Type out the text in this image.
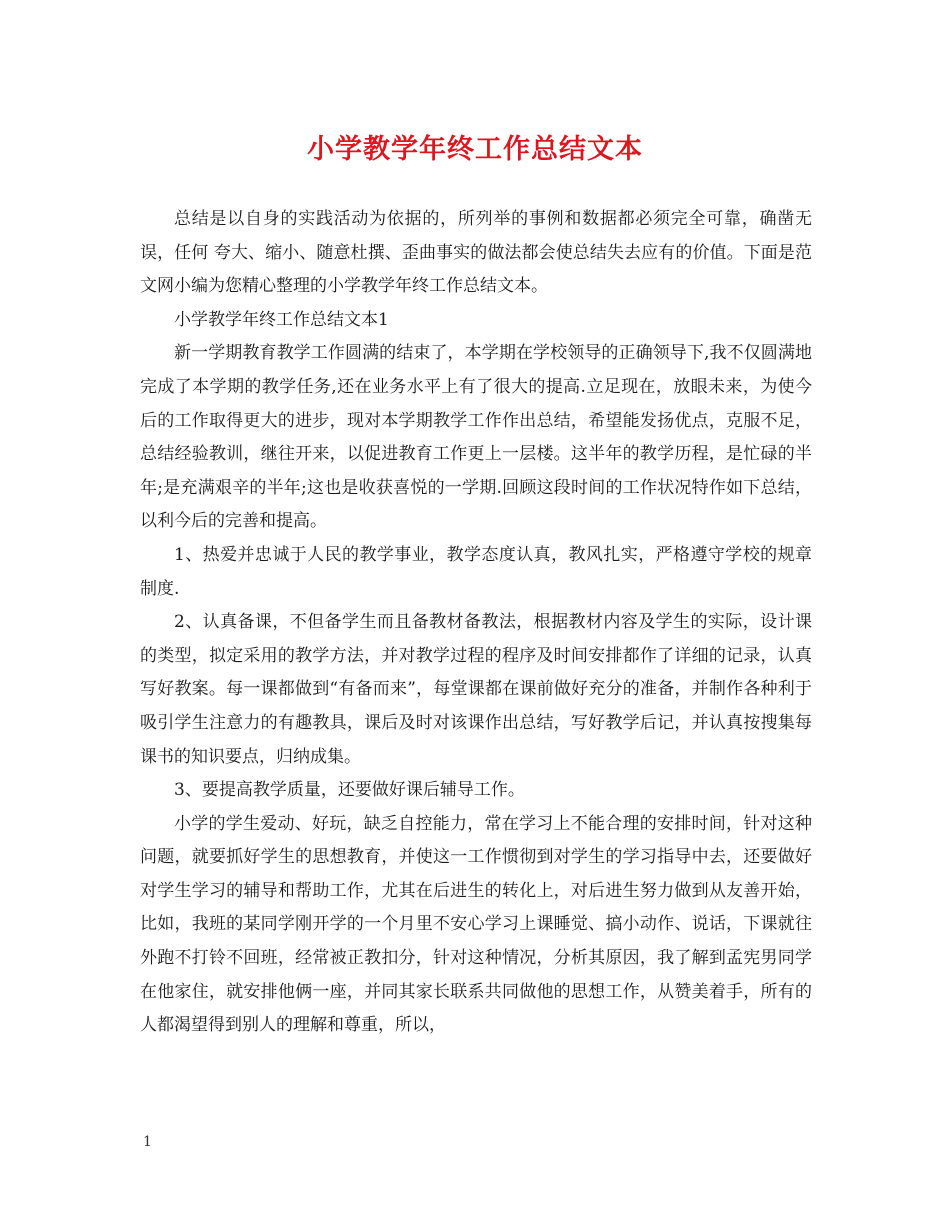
小学教学年终工作总结文本

总结是以自身的实践活动为依据的，所列举的事例和数据都必须完全可靠，确凿无误，任何 夸大、缩小、随意杜撰、歪曲事实的做法都会使总结失去应有的价值。下面是范文网小编为您精心整理的小学教学年终工作总结文本。

小学教学年终工作总结文本1

新一学期教育教学工作圆满的结束了，本学期在学校领导的正确领导下,我不仅圆满地完成了本学期的教学任务,还在业务水平上有了很大的提高.立足现在，放眼未来，为使今后的工作取得更大的进步，现对本学期教学工作作出总结，希望能发扬优点，克服不足，总结经验教训，继往开来，以促进教育工作更上一层楼。这半年的教学历程，是忙碌的半年;是充满艰辛的半年;这也是收获喜悦的一学期.回顾这段时间的工作状况特作如下总结，以利今后的完善和提高。

1、热爱并忠诚于人民的教学事业，教学态度认真，教风扎实，严格遵守学校的规章制度.

2、认真备课，不但备学生而且备教材备教法，根据教材内容及学生的实际，设计课的类型，拟定采用的教学方法，并对教学过程的程序及时间安排都作了详细的记录，认真写好教案。每一课都做到“有备而来”，每堂课都在课前做好充分的准备，并制作各种利于吸引学生注意力的有趣教具，课后及时对该课作出总结，写好教学后记，并认真按搜集每课书的知识要点，归纳成集。

3、要提高教学质量，还要做好课后辅导工作。

小学的学生爱动、好玩，缺乏自控能力，常在学习上不能合理的安排时间，针对这种问题，就要抓好学生的思想教育，并使这一工作惯彻到对学生的学习指导中去，还要做好对学生学习的辅导和帮助工作，尤其在后进生的转化上，对后进生努力做到从友善开始，比如，我班的某同学刚开学的一个月里不安心学习上课睡觉、搞小动作、说话，下课就往外跑不打铃不回班，经常被正教扣分，针对这种情况，分析其原因，我了解到孟宪男同学在他家住，就安排他俩一座，并同其家长联系共同做他的思想工作，从赞美着手，所有的人都渴望得到别人的理解和尊重，所以，

1
